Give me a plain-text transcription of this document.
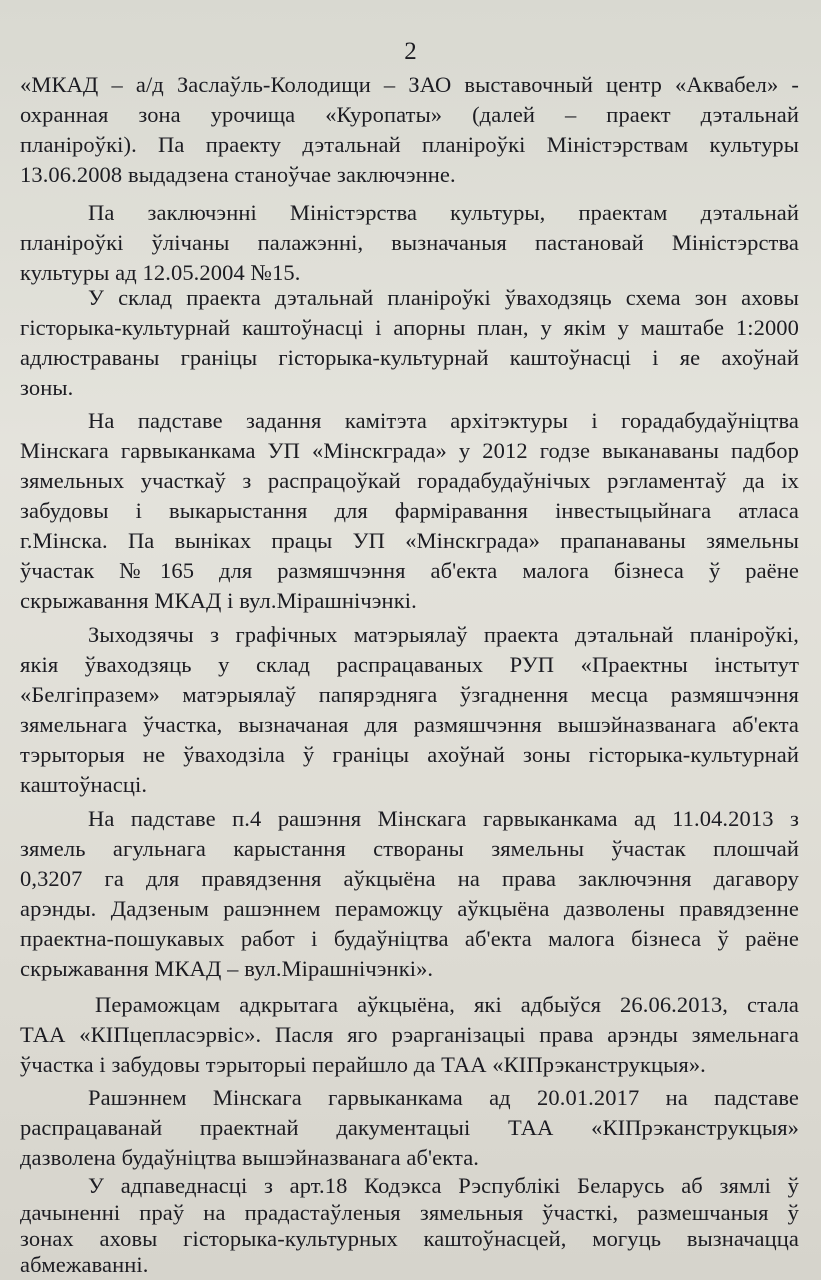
2
«МКАД – а/д Заслаўль-Колодищи – ЗАО выставочный центр «Аквабел» -
охранная зона урочища «Куропаты» (далей – праект дэтальнай
планіроўкі). Па праекту дэтальнай планіроўкі Міністэрствам культуры
13.06.2008 выдадзена станоўчае заключэнне.
Па заключэнні Міністэрства культуры, праектам дэтальнай
планіроўкі ўлічаны палажэнні, вызначаныя пастановай Міністэрства
культуры ад 12.05.2004 №15.
У склад праекта дэтальнай планіроўкі ўваходзяць схема зон аховы
гісторыка-культурнай каштоўнасці і апорны план, у якім у маштабе 1:2000
адлюстраваны граніцы гісторыка-культурнай каштоўнасці і яе ахоўнай
зоны.
На падставе задання камітэта архітэктуры і горадабудаўніцтва
Мінскага гарвыканкама УП «Мінскграда» у 2012 годзе выканаваны падбор
зямельных участкаў з распрацоўкай горадабудаўнічых рэгламентаў да іх
забудовы і выкарыстання для фарміравання інвестыцыйнага атласа
г.Мінска. Па выніках працы УП «Мінскграда» прапанаваны зямельны
ўчастак №165 для размяшчэння аб'екта малога бізнеса ў раёне
скрыжавання МКАД і вул.Мірашнічэнкі.
Зыходзячы з графічных матэрыялаў праекта дэтальнай планіроўкі,
якія ўваходзяць у склад распрацаваных РУП «Праектны інстытут
«Белгіпразем» матэрыялаў папярэдняга ўзгаднення месца размяшчэння
зямельнага ўчастка, вызначаная для размяшчэння вышэйназванага аб'екта
тэрыторыя не ўваходзіла ў граніцы ахоўнай зоны гісторыка-культурнай
каштоўнасці.
На падставе п.4 рашэння Мінскага гарвыканкама ад 11.04.2013 з
зямель агульнага карыстання створаны зямельны ўчастак плошчай
0,3207 га для правядзення аўкцыёна на права заключэння дагавору
арэнды. Дадзеным рашэннем пераможцу аўкцыёна дазволены правядзенне
праектна-пошукавых работ і будаўніцтва аб'екта малога бізнеса ў раёне
скрыжавання МКАД – вул.Мірашнічэнкі».
Пераможцам адкрытага аўкцыёна, які адбыўся 26.06.2013, стала
ТАА «КІПцепласэрвіс». Пасля яго рэарганізацыі права арэнды зямельнага
ўчастка і забудовы тэрыторыі перайшло да ТАА «КІПрэканструкцыя».
Рашэннем Мінскага гарвыканкама ад 20.01.2017 на падставе
распрацаванай праектнай дакументацыі ТАА «КІПрэканструкцыя»
дазволена будаўніцтва вышэйназванага аб'екта.
У адпаведнасці з арт.18 Кодэкса Рэспублікі Беларусь аб зямлі ў
дачыненні праў на прадастаўленыя зямельныя ўчасткі, размешчаныя ў
зонах аховы гісторыка-культурных каштоўнасцей, могуць вызначацца
абмежаванні.
